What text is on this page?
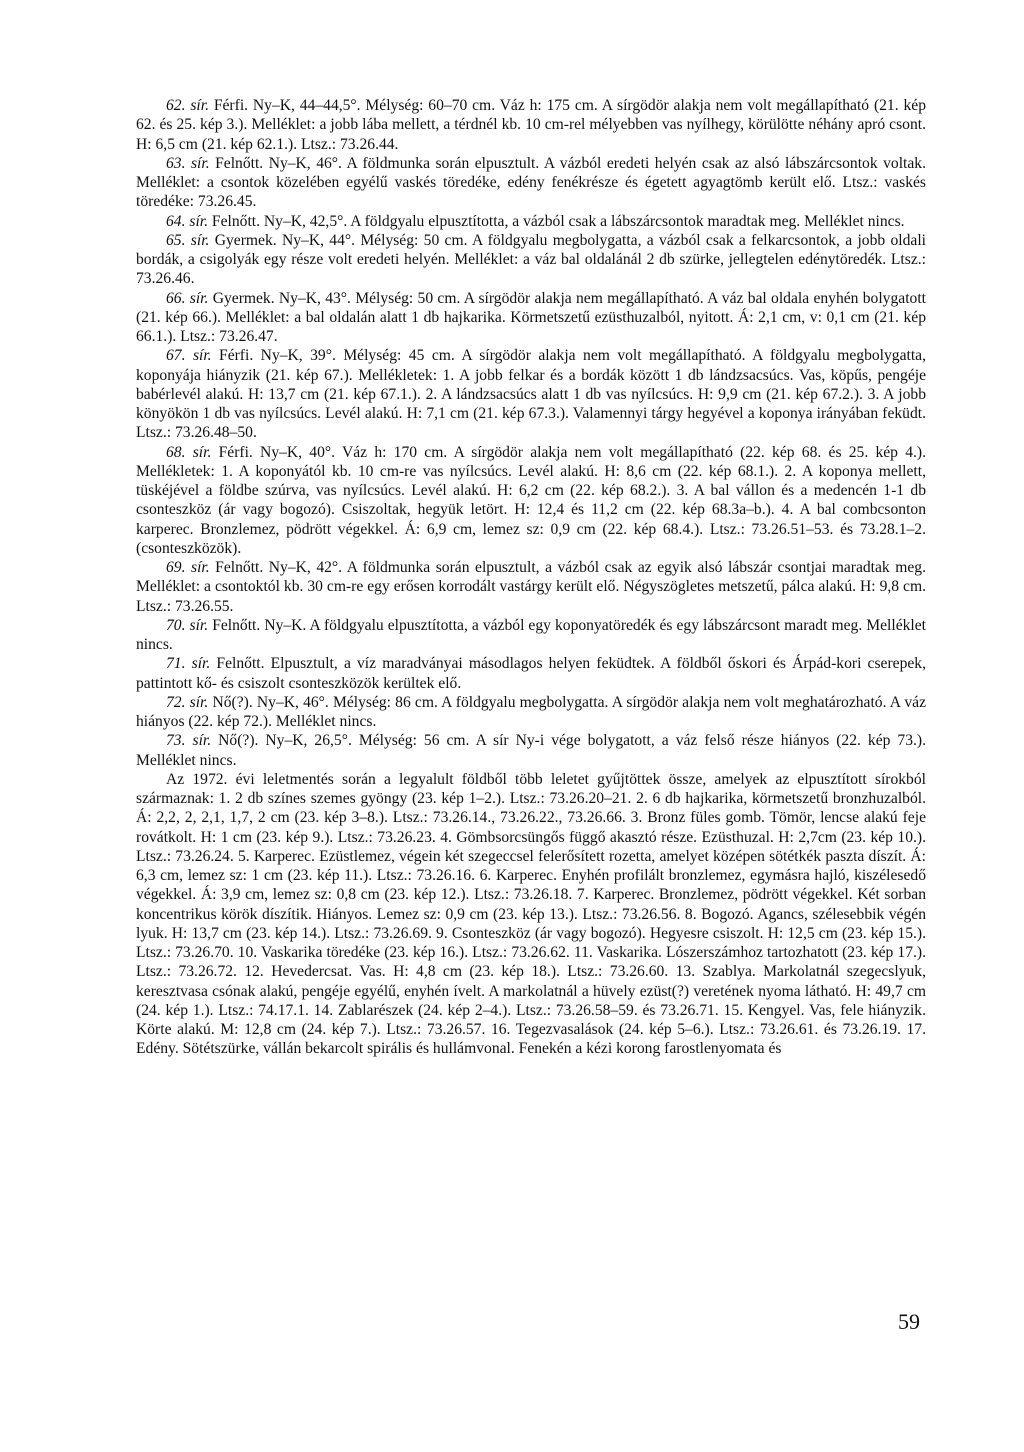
62. sír. Férfi. Ny–K, 44–44,5°. Mélység: 60–70 cm. Váz h: 175 cm. A sírgödör alakja nem volt megállapítható (21. kép 62. és 25. kép 3.). Melléklet: a jobb lába mellett, a térdnél kb. 10 cm-rel mélyebben vas nyílhegy, körülötte néhány apró csont. H: 6,5 cm (21. kép 62.1.). Ltsz.: 73.26.44.

63. sír. Felnőtt. Ny–K, 46°. A földmunka során elpusztult. A vázból eredeti helyén csak az alsó lábszárcsontok voltak. Melléklet: a csontok közelében egyélű vaskés töredéke, edény fenékrésze és égetett agyagtömb került elő. Ltsz.: vaskés töredéke: 73.26.45.

64. sír. Felnőtt. Ny–K, 42,5°. A földgyalu elpusztította, a vázból csak a lábszárcsontok maradtak meg. Melléklet nincs.

65. sír. Gyermek. Ny–K, 44°. Mélység: 50 cm. A földgyalu megbolygatta, a vázból csak a felkarcsontok, a jobb oldali bordák, a csigolyák egy része volt eredeti helyén. Melléklet: a váz bal oldalánál 2 db szürke, jellegtelen edénytöredék. Ltsz.: 73.26.46.

66. sír. Gyermek. Ny–K, 43°. Mélység: 50 cm. A sírgödör alakja nem megállapítható. A váz bal oldala enyhén bolygatott (21. kép 66.). Melléklet: a bal oldalán alatt 1 db hajkarika. Körmetszetű ezüsthuzalból, nyitott. Á: 2,1 cm, v: 0,1 cm (21. kép 66.1.). Ltsz.: 73.26.47.

67. sír. Férfi. Ny–K, 39°. Mélység: 45 cm. A sírgödör alakja nem volt megállapítható. A földgyalu megbolygatta, koponyája hiányzik (21. kép 67.). Mellékletek: 1. A jobb felkar és a bordák között 1 db lándzsacsúcs. Vas, köpűs, pengéje babérlevél alakú. H: 13,7 cm (21. kép 67.1.). 2. A lándzsacsúcs alatt 1 db vas nyílcsúcs. H: 9,9 cm (21. kép 67.2.). 3. A jobb könyökön 1 db vas nyílcsúcs. Levél alakú. H: 7,1 cm (21. kép 67.3.). Valamennyi tárgy hegyével a koponya irányában feküdt. Ltsz.: 73.26.48–50.

68. sír. Férfi. Ny–K, 40°. Váz h: 170 cm. A sírgödör alakja nem volt megállapítható (22. kép 68. és 25. kép 4.). Mellékletek: 1. A koponyától kb. 10 cm-re vas nyílcsúcs. Levél alakú. H: 8,6 cm (22. kép 68.1.). 2. A koponya mellett, tüskéjével a földbe szúrva, vas nyílcsúcs. Levél alakú. H: 6,2 cm (22. kép 68.2.). 3. A bal vállon és a medencén 1-1 db csonteszköz (ár vagy bogozó). Csiszoltak, hegyük letört. H: 12,4 és 11,2 cm (22. kép 68.3a–b.). 4. A bal combcsonton karperec. Bronzlemez, pödrött végekkel. Á: 6,9 cm, lemez sz: 0,9 cm (22. kép 68.4.). Ltsz.: 73.26.51–53. és 73.28.1–2. (csonteszközök).

69. sír. Felnőtt. Ny–K, 42°. A földmunka során elpusztult, a vázból csak az egyik alsó lábszár csontjai maradtak meg. Melléklet: a csontoktól kb. 30 cm-re egy erősen korrodált vastárgy került elő. Négyszögletes metszetű, pálca alakú. H: 9,8 cm. Ltsz.: 73.26.55.

70. sír. Felnőtt. Ny–K. A földgyalu elpusztította, a vázból egy koponyatöredék és egy lábszárcsont maradt meg. Melléklet nincs.

71. sír. Felnőtt. Elpusztult, a víz maradványai másodlagos helyen feküdtek. A földből őskori és Árpád-kori cserepek, pattintott kő- és csiszolt csonteszközök kerültek elő.

72. sír. Nő(?). Ny–K, 46°. Mélység: 86 cm. A földgyalu megbolygatta. A sírgödör alakja nem volt meghatározható. A váz hiányos (22. kép 72.). Melléklet nincs.

73. sír. Nő(?). Ny–K, 26,5°. Mélység: 56 cm. A sír Ny-i vége bolygatott, a váz felső része hiányos (22. kép 73.). Melléklet nincs.

Az 1972. évi leletmentés során a legyalult földből több leletet gyűjtöttek össze, amelyek az elpusztított sírokból származnak: 1. 2 db színes szemes gyöngy (23. kép 1–2.). Ltsz.: 73.26.20–21. 2. 6 db hajkarika, körmetszetű bronzhuzalból. Á: 2,2, 2, 2,1, 1,7, 2 cm (23. kép 3–8.). Ltsz.: 73.26.14., 73.26.22., 73.26.66. 3. Bronz füles gomb. Tömör, lencse alakú feje rovátkolt. H: 1 cm (23. kép 9.). Ltsz.: 73.26.23. 4. Gömbsorcsüngős függő akasztó része. Ezüsthuzal. H: 2,7cm (23. kép 10.). Ltsz.: 73.26.24. 5. Karperec. Ezüstlemez, végein két szegeccsel felerősített rozetta, amelyet középen sötétkék paszta díszít. Á: 6,3 cm, lemez sz: 1 cm (23. kép 11.). Ltsz.: 73.26.16. 6. Karperec. Enyhén profilált bronzlemez, egymásra hajló, kiszélesedő végekkel. Á: 3,9 cm, lemez sz: 0,8 cm (23. kép 12.). Ltsz.: 73.26.18. 7. Karperec. Bronzlemez, pödrött végekkel. Két sorban koncentrikus körök díszítik. Hiányos. Lemez sz: 0,9 cm (23. kép 13.). Ltsz.: 73.26.56. 8. Bogozó. Agancs, szélesebbik végén lyuk. H: 13,7 cm (23. kép 14.). Ltsz.: 73.26.69. 9. Csonteszköz (ár vagy bogozó). Hegyesre csiszolt. H: 12,5 cm (23. kép 15.). Ltsz.: 73.26.70. 10. Vaskarika töredéke (23. kép 16.). Ltsz.: 73.26.62. 11. Vaskarika. Lószerszámhoz tartozhatott (23. kép 17.). Ltsz.: 73.26.72. 12. Hevedercsat. Vas. H: 4,8 cm (23. kép 18.). Ltsz.: 73.26.60. 13. Szablya. Markolatnál szegecslyuk, keresztvasa csónak alakú, pengéje egyélű, enyhén ívelt. A markolatnál a hüvely ezüst(?) veretének nyoma látható. H: 49,7 cm (24. kép 1.). Ltsz.: 74.17.1. 14. Zablarészek (24. kép 2–4.). Ltsz.: 73.26.58–59. és 73.26.71. 15. Kengyel. Vas, fele hiányzik. Körte alakú. M: 12,8 cm (24. kép 7.). Ltsz.: 73.26.57. 16. Tegezvasalások (24. kép 5–6.). Ltsz.: 73.26.61. és 73.26.19. 17. Edény. Sötétszürke, vállán bekarcolt spirális és hullámvonal. Fenekén a kézi korong farostlenyomata és

59
